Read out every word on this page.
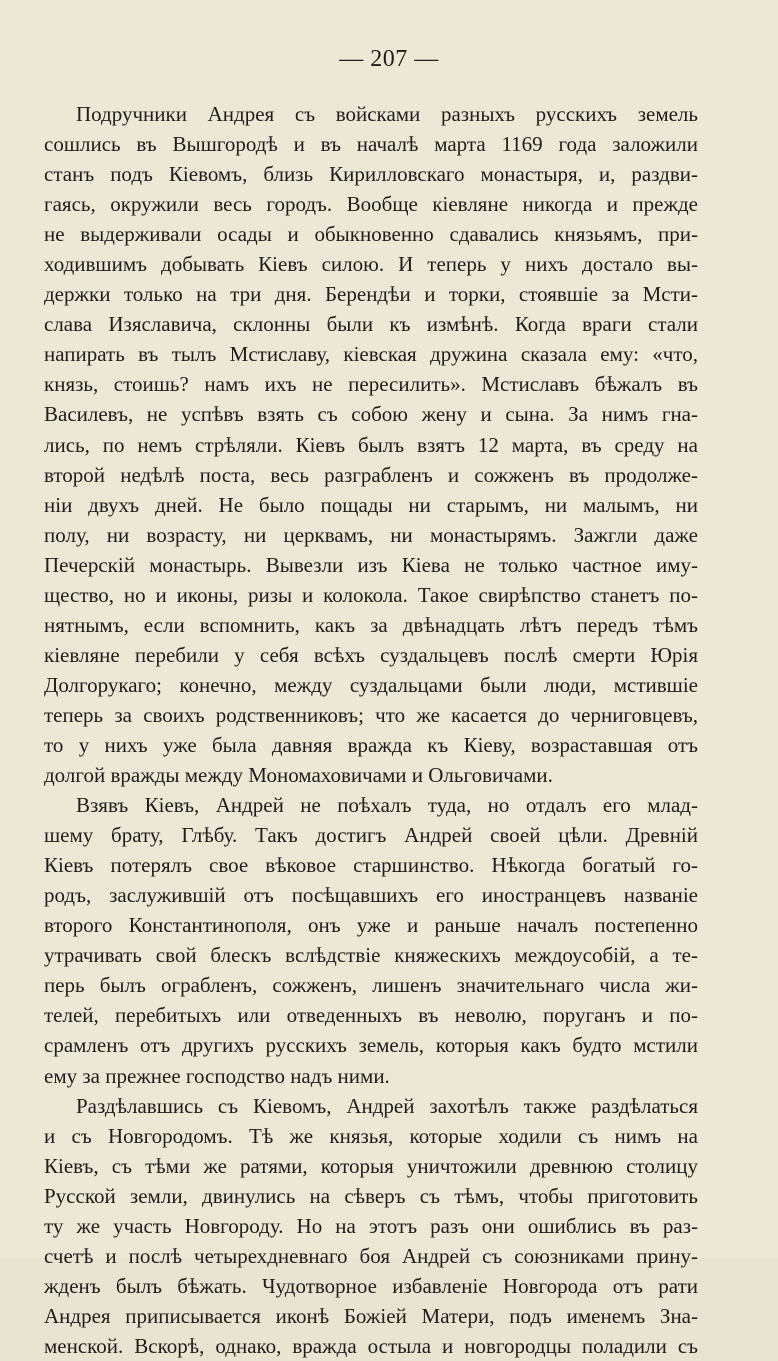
— 207 —
Подручники Андрея съ войсками разныхъ русскихъ земель
сошлись въ Вышгородѣ и въ началѣ марта 1169 года заложили
станъ подъ Кіевомъ, близь Кирилловскаго монастыря, и, раздви-
гаясь, окружили весь городъ. Вообще кіевляне никогда и прежде
не выдерживали осады и обыкновенно сдавались князьямъ, при-
ходившимъ добывать Кіевъ силою. И теперь у нихъ достало вы-
держки только на три дня. Берендѣи и торки, стоявшіе за Мсти-
слава Изяславича, склонны были къ измѣнѣ. Когда враги стали
напирать въ тылъ Мстиславу, кіевская дружина сказала ему: «что,
князь, стоишь? намъ ихъ не пересилить». Мстиславъ бѣжалъ въ
Василевъ, не успѣвъ взять съ собою жену и сына. За нимъ гна-
лись, по немъ стрѣляли. Кіевъ былъ взятъ 12 марта, въ среду на
второй недѣлѣ поста, весь разграбленъ и сожженъ въ продолже-
ніи двухъ дней. Не было пощады ни старымъ, ни малымъ, ни
полу, ни возрасту, ни церквамъ, ни монастырямъ. Зажгли даже
Печерскій монастырь. Вывезли изъ Кіева не только частное иму-
щество, но и иконы, ризы и колокола. Такое свирѣпство станетъ по-
нятнымъ, если вспомнить, какъ за двѣнадцать лѣтъ передъ тѣмъ
кіевляне перебили у себя всѣхъ суздальцевъ послѣ смерти Юрія
Долгорукаго; конечно, между суздальцами были люди, мстившіе
теперь за своихъ родственниковъ; что же касается до черниговцевъ,
то у нихъ уже была давняя вражда къ Кіеву, возраставшая отъ
долгой вражды между Мономаховичами и Ольговичами.
Взявъ Кіевъ, Андрей не поѣхалъ туда, но отдалъ его млад-
шему брату, Глѣбу. Такъ достигъ Андрей своей цѣли. Древній
Кіевъ потерялъ свое вѣковое старшинство. Нѣкогда богатый го-
родъ, заслужившій отъ посѣщавшихъ его иностранцевъ названіе
второго Константинополя, онъ уже и раньше началъ постепенно
утрачивать свой блескъ вслѣдствіе княжескихъ междоусобій, а те-
перь былъ ограбленъ, сожженъ, лишенъ значительнаго числа жи-
телей, перебитыхъ или отведенныхъ въ неволю, поруганъ и по-
срамленъ отъ другихъ русскихъ земель, которыя какъ будто мстили
ему за прежнее господство надъ ними.
Раздѣлавшись съ Кіевомъ, Андрей захотѣлъ также раздѣлаться
и съ Новгородомъ. Тѣ же князья, которые ходили съ нимъ на
Кіевъ, съ тѣми же ратями, которыя уничтожили древнюю столицу
Русской земли, двинулись на сѣверъ съ тѣмъ, чтобы приготовить
ту же участь Новгороду. Но на этотъ разъ они ошиблись въ раз-
счетѣ и послѣ четырехдневнаго боя Андрей съ союзниками прину-
жденъ былъ бѣжать. Чудотворное избавленіе Новгорода отъ рати
Андрея приписывается иконѣ Божіей Матери, подъ именемъ Зна-
менской. Вскорѣ, однако, вражда остыла и новгородцы поладили съ
